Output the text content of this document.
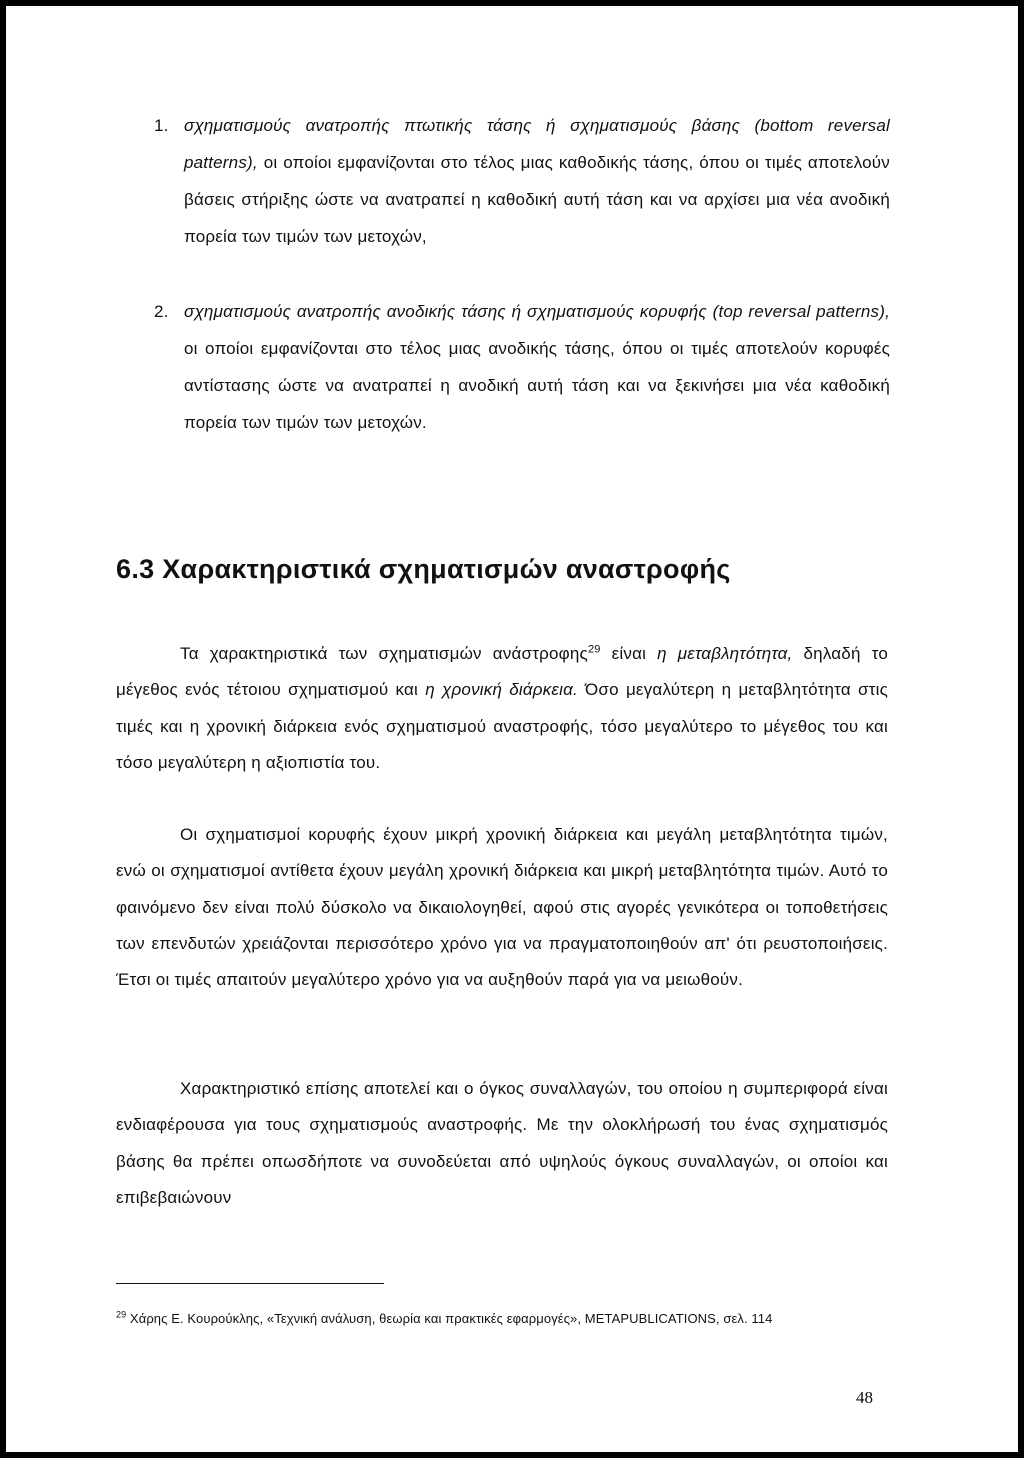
1. σχηματισμούς ανατροπής πτωτικής τάσης ή σχηματισμούς βάσης (bottom reversal patterns), οι οποίοι εμφανίζονται στο τέλος μιας καθοδικής τάσης, όπου οι τιμές αποτελούν βάσεις στήριξης ώστε να ανατραπεί η καθοδική αυτή τάση και να αρχίσει μια νέα ανοδική πορεία των τιμών των μετοχών,
2. σχηματισμούς ανατροπής ανοδικής τάσης ή σχηματισμούς κορυφής (top reversal patterns), οι οποίοι εμφανίζονται στο τέλος μιας ανοδικής τάσης, όπου οι τιμές αποτελούν κορυφές αντίστασης ώστε να ανατραπεί η ανοδική αυτή τάση και να ξεκινήσει μια νέα καθοδική πορεία των τιμών των μετοχών.
6.3 Χαρακτηριστικά σχηματισμών αναστροφής

Τα χαρακτηριστικά των σχηματισμών ανάστροφης$^{29}$ είναι η μεταβλητότητα, δηλαδή το μέγεθος ενός τέτοιου σχηματισμού και η χρονική διάρκεια. Όσο μεγαλύτερη η μεταβλητότητα στις τιμές και η χρονική διάρκεια ενός σχηματισμού αναστροφής, τόσο μεγαλύτερο το μέγεθος του και τόσο μεγαλύτερη η αξιοπιστία του.

Οι σχηματισμοί κορυφής έχουν μικρή χρονική διάρκεια και μεγάλη μεταβλητότητα τιμών, ενώ οι σχηματισμοί αντίθετα έχουν μεγάλη χρονική διάρκεια και μικρή μεταβλητότητα τιμών. Αυτό το φαινόμενο δεν είναι πολύ δύσκολο να δικαιολογηθεί, αφού στις αγορές γενικότερα οι τοποθετήσεις των επενδυτών χρειάζονται περισσότερο χρόνο για να πραγματοποιηθούν απ' ότι ρευστοποιήσεις. Έτσι οι τιμές απαιτούν μεγαλύτερο χρόνο για να αυξηθούν παρά για να μειωθούν.

Χαρακτηριστικό επίσης αποτελεί και ο όγκος συναλλαγών, του οποίου η συμπεριφορά είναι ενδιαφέρουσα για τους σχηματισμούς αναστροφής. Με την ολοκλήρωσή του ένας σχηματισμός βάσης θα πρέπει οπωσδήποτε να συνοδεύεται από υψηλούς όγκους συναλλαγών, οι οποίοι και επιβεβαιώνουν

$^{29}$ Χάρης Ε. Κουρούκλης, «Τεχνική ανάλυση, θεωρία και πρακτικές εφαρμογές», METAPUBLICATIONS, σελ. 114

48
